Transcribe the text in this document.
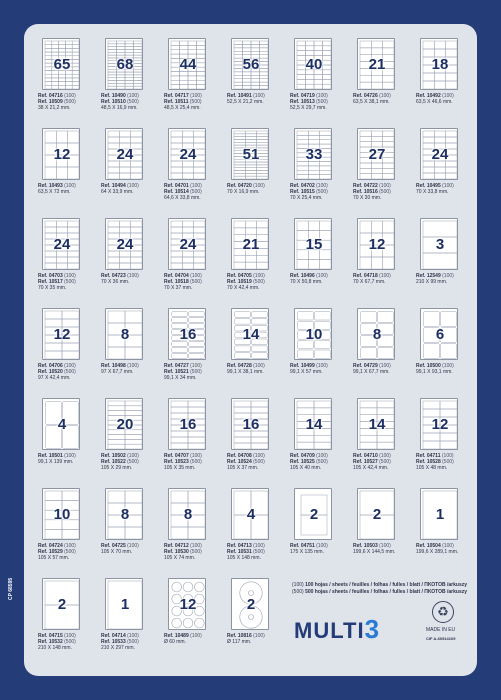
65
Ref. 04716 (100)
Ref. 10509 (500)
38 X 21,2 mm.
68
Ref. 10490 (100)
Ref. 10510 (500)
48,5 X 16,9 mm.
44
Ref. 04717 (100)
Ref. 10511 (500)
48,5 X 25,4 mm.
56
Ref. 10491 (100)
52,5 X 21,2 mm.
40
Ref. 04719 (100)
Ref. 10513 (500)
52,5 X 29,7 mm.
21
Ref. 04726 (100)
63,5 X 38,1 mm.
18
Ref. 10492 (100)
63,5 X 46,6 mm.
12
Ref. 10493 (100)
63,5 X 72 mm.
24
Ref. 10494 (100)
64 X 33,9 mm.
24
Ref. 04701 (100)
Ref. 10514 (500)
64,6 X 33,8 mm.
51
Ref. 04720 (100)
70 X 16,9 mm.
33
Ref. 04702 (100)
Ref. 10515 (500)
70 X 25,4 mm.
27
Ref. 04722 (100)
Ref. 10516 (500)
70 X 30 mm.
24
Ref. 10495 (100)
70 X 33,8 mm.
24
Ref. 04703 (100)
Ref. 10517 (500)
70 X 35 mm.
24
Ref. 04723 (100)
70 X 36 mm.
24
Ref. 04704 (100)
Ref. 10518 (500)
70 X 37 mm.
21
Ref. 04705 (100)
Ref. 10519 (500)
70 X 42,4 mm.
15
Ref. 10496 (100)
70 X 50,8 mm.
12
Ref. 04718 (100)
70 X 67,7 mm.
3
Ref. 12549 (100)
210 X 99 mm.
12
Ref. 04706 (100)
Ref. 10520 (500)
97 X 42,4 mm.
8
Ref. 10498 (100)
97 X 67,7 mm.
16
Ref. 04727 (100)
Ref. 10521 (500)
99,1 X 34 mm.
14
Ref. 04728 (100)
99,1 X 38,1 mm.
10
Ref. 10499 (100)
99,1 X 57 mm.
8
Ref. 04729 (100)
99,1 X 67,7 mm.
6
Ref. 10500 (100)
99,1 X 93,1 mm.
4
Ref. 10501 (100)
99,1 X 139 mm.
20
Ref. 10502 (100)
Ref. 10522 (500)
105 X 29 mm.
16
Ref. 04707 (100)
Ref. 10523 (500)
105 X 35 mm.
16
Ref. 04708 (100)
Ref. 10524 (500)
105 X 37 mm.
14
Ref. 04709 (100)
Ref. 10525 (500)
105 X 40 mm.
14
Ref. 04710 (100)
Ref. 10527 (500)
105 X 42,4 mm.
12
Ref. 04711 (100)
Ref. 10528 (500)
105 X 48 mm.
10
Ref. 04724 (100)
Ref. 10529 (500)
105 X 57 mm.
8
Ref. 04725 (100)
105 X 70 mm.
8
Ref. 04712 (100)
Ref. 10530 (500)
105 X 74 mm.
4
Ref. 04713 (100)
Ref. 10531 (500)
105 X 148 mm.
2
Ref. 04751 (100)
175 X 135 mm.
2
Ref. 10503 (100)
199,6 X 144,5 mm.
1
Ref. 10504 (100)
199,6 X 289,1 mm.
2
Ref. 04715 (100)
Ref. 10532 (500)
210 X 148 mm.
1
Ref. 04714 (100)
Ref. 10533 (500)
210 X 297 mm.
12
Ref. 10489 (100)
Ø 60 mm.
2
Ref. 10816 (100)
Ø 117 mm.
(100) 100 hojas / sheets / feuilles / folhas / fulles / blatt / ΠΚΟΤΟΒ /arkuszy
(500) 500 hojas / sheets / feuilles / folhas / fulles / blatt / ΠΚΟΤΟΒ /arkuszy
MULTI3
♻
MADE IN EU
CIF A-60914109
CP 68595
